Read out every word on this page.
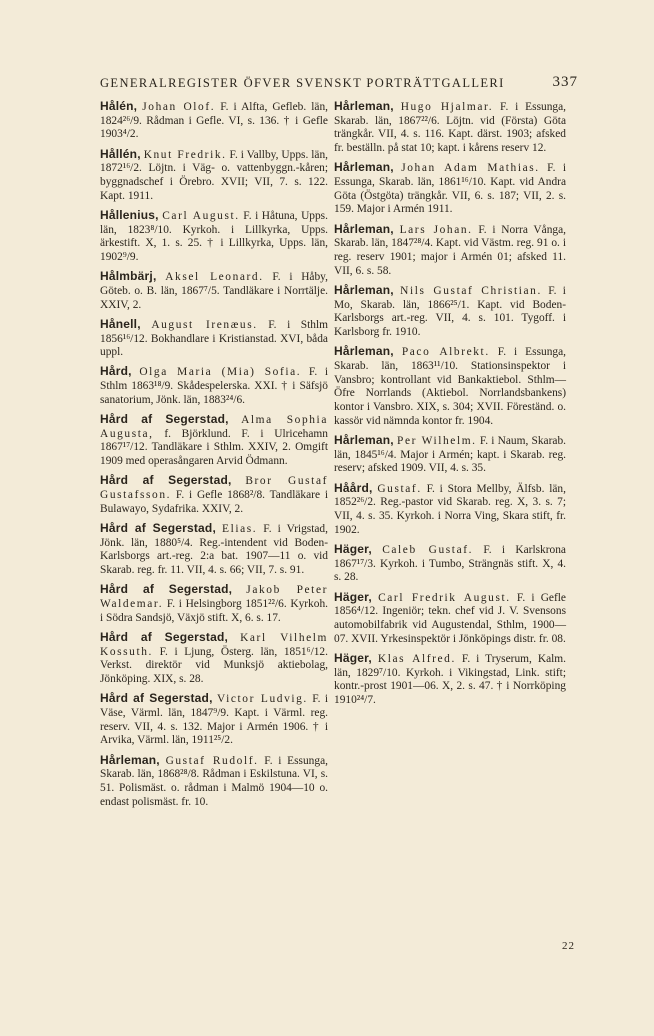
GENERALREGISTER ÖFVER SVENSKT PORTRÄTTGALLERI	337

Hålén, Johan Olof. F. i Alfta, Gefleb. län, 1824²⁶/9. Rådman i Gefle. VI, s. 136. † i Gefle 1903⁴/2.

Hållén, Knut Fredrik. F. i Vallby, Upps. län, 1872¹⁶/2. Löjtn. i Väg- o. vattenbyggn.-kåren; byggnadschef i Örebro. XVII; VII, 7. s. 122. Kapt. 1911.

Hållenius, Carl August. F. i Håtuna, Upps. län, 1823⁸/10. Kyrkoh. i Lillkyrka, Upps. ärkestift. X, 1. s. 25. † i Lillkyrka, Upps. län, 1902⁹/9.

Hålmbärj, Aksel Leonard. F. i Håby, Göteb. o. B. län, 1867⁷/5. Tandläkare i Norrtälje. XXIV, 2.

Hånell, August Irenæus. F. i Sthlm 1856¹⁶/12. Bokhandlare i Kristianstad. XVI, båda uppl.

Hård, Olga Maria (Mia) Sofia. F. i Sthlm 1863¹⁸/9. Skådespelerska. XXI. † i Säfsjö sanatorium, Jönk. län, 1883²⁴/6.

Hård af Segerstad, Alma Sophia Augusta, f. Björklund. F. i Ulricehamn 1867¹⁷/12. Tandläkare i Sthlm. XXIV, 2. Omgift 1909 med operasångaren Arvid Ödmann.

Hård af Segerstad, Bror Gustaf Gustafsson. F. i Gefle 1868²/8. Tandläkare i Bulawayo, Sydafrika. XXIV, 2.

Hård af Segerstad, Elias. F. i Vrigstad, Jönk. län, 1880⁵/4. Reg.-intendent vid Boden-Karlsborgs art.-reg. 2:a bat. 1907—11 o. vid Skarab. reg. fr. 11. VII, 4. s. 66; VII, 7. s. 91.

Hård af Segerstad, Jakob Peter Waldemar. F. i Helsingborg 1851²²/6. Kyrkoh. i Södra Sandsjö, Växjö stift. X, 6. s. 17.

Hård af Segerstad, Karl Vilhelm Kossuth. F. i Ljung, Österg. län, 1851⁶/12. Verkst. direktör vid Munksjö aktiebolag, Jönköping. XIX, s. 28.

Hård af Segerstad, Victor Ludvig. F. i Väse, Värml. län, 1847⁹/9. Kapt. i Värml. reg. reserv. VII, 4. s. 132. Major i Armén 1906. † i Arvika, Värml. län, 1911²⁵/2.

Hårleman, Gustaf Rudolf. F. i Essunga, Skarab. län, 1868²⁸/8. Rådman i Eskilstuna. VI, s. 51. Polismäst. o. rådman i Malmö 1904—10 o. endast polismäst. fr. 10.

Hårleman, Hugo Hjalmar. F. i Essunga, Skarab. län, 1867²²/6. Löjtn. vid (Första) Göta trängkår. VII, 4. s. 116. Kapt. därst. 1903; afsked fr. beställn. på stat 10; kapt. i kårens reserv 12.

Hårleman, Johan Adam Mathias. F. i Essunga, Skarab. län, 1861¹⁶/10. Kapt. vid Andra Göta (Östgöta) trängkår. VII, 6. s. 187; VII, 2. s. 159. Major i Armén 1911.

Hårleman, Lars Johan. F. i Norra Vånga, Skarab. län, 1847²⁸/4. Kapt. vid Västm. reg. 91 o. i reg. reserv 1901; major i Armén 01; afsked 11. VII, 6. s. 58.

Hårleman, Nils Gustaf Christian. F. i Mo, Skarab. län, 1866²⁵/1. Kapt. vid Boden-Karlsborgs art.-reg. VII, 4. s. 101. Tygoff. i Karlsborg fr. 1910.

Hårleman, Paco Albrekt. F. i Essunga, Skarab. län, 1863¹¹/10. Stationsinspektor i Vansbro; kontrollant vid Bankaktiebol. Sthlm—Öfre Norrlands (Aktiebol. Norrlandsbankens) kontor i Vansbro. XIX, s. 304; XVII. Föreständ. o. kassör vid nämnda kontor fr. 1904.

Hårleman, Per Wilhelm. F. i Naum, Skarab. län, 1845¹⁶/4. Major i Armén; kapt. i Skarab. reg. reserv; afsked 1909. VII, 4. s. 35.

Håård, Gustaf. F. i Stora Mellby, Älfsb. län, 1852²⁶/2. Reg.-pastor vid Skarab. reg. X, 3. s. 7; VII, 4. s. 35. Kyrkoh. i Norra Ving, Skara stift, fr. 1902.

Häger, Caleb Gustaf. F. i Karlskrona 1867¹⁷/3. Kyrkoh. i Tumbo, Strängnäs stift. X, 4. s. 28.

Häger, Carl Fredrik August. F. i Gefle 1856⁴/12. Ingeniör; tekn. chef vid J. V. Svensons automobilfabrik vid Augustendal, Sthlm, 1900—07. XVII. Yrkesinspektör i Jönköpings distr. fr. 08.

Häger, Klas Alfred. F. i Tryserum, Kalm. län, 1829⁷/10. Kyrkoh. i Vikingstad, Link. stift; kontr.-prost 1901—06. X, 2. s. 47. † i Norrköping 1910²⁴/7.

22
